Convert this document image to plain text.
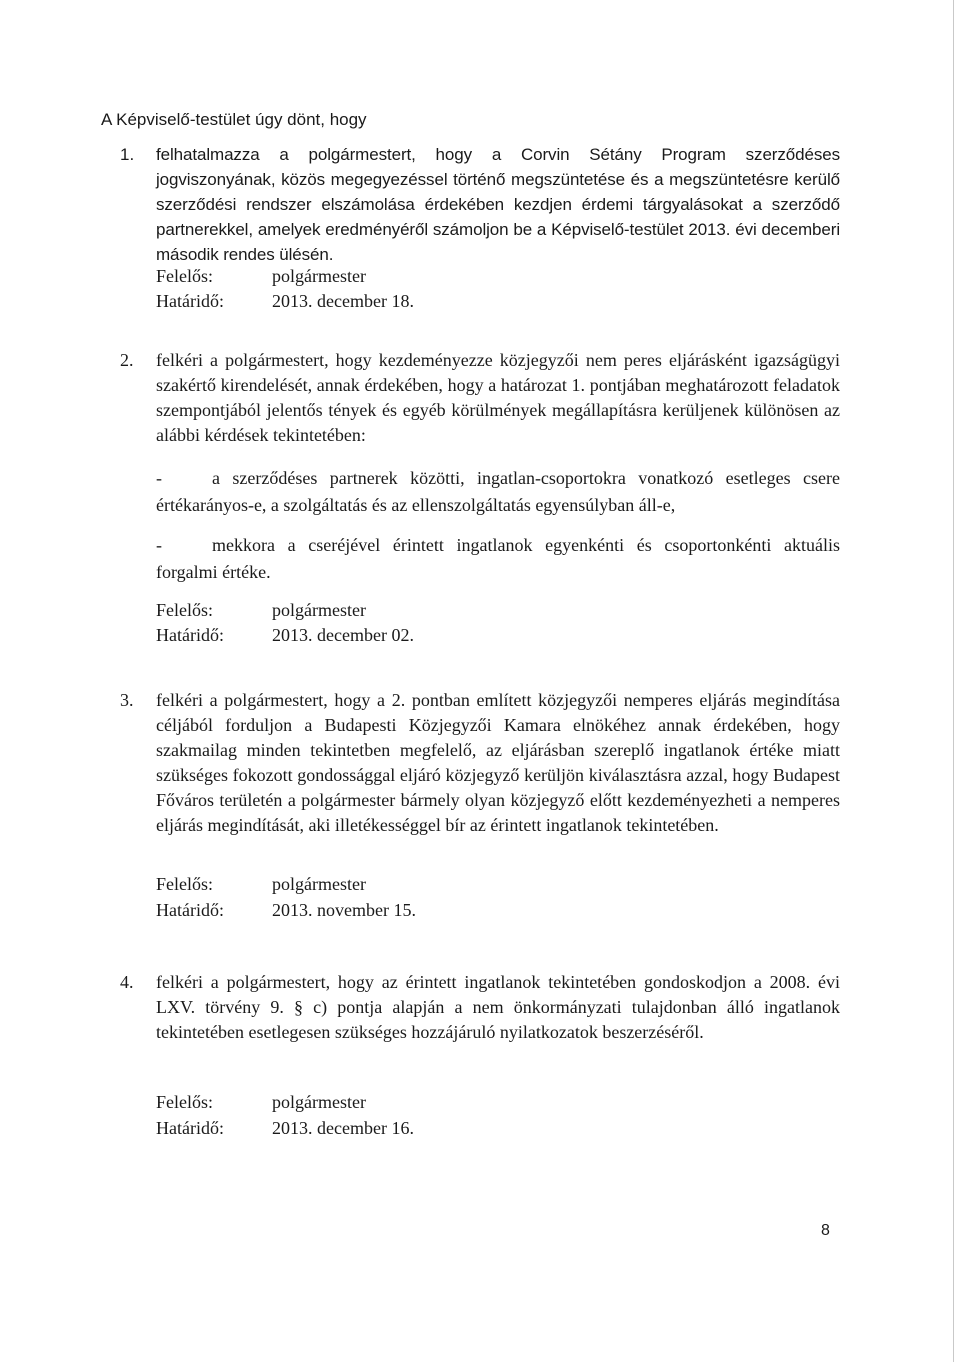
A Képviselő-testület úgy dönt, hogy
1. felhatalmazza a polgármestert, hogy a Corvin Sétány Program szerződéses jogviszonyának, közös megegyezéssel történő megszüntetése és a megszüntetésre kerülő szerződési rendszer elszámolása érdekében kezdjen érdemi tárgyalásokat a szerződő partnerekkel, amelyek eredményéről számoljon be a Képviselő-testület 2013. évi decemberi második rendes ülésén.
Felelős:	polgármester
Határidő:	2013. december 18.
2. felkéri a polgármestert, hogy kezdeményezze közjegyzői nem peres eljárásként igazságügyi szakértő kirendelését, annak érdekében, hogy a határozat 1. pontjában meghatározott feladatok szempontjából jelentős tények és egyéb körülmények megállapításra kerüljenek különösen az alábbi kérdések tekintetében:
-	a szerződéses partnerek közötti, ingatlan-csoportokra vonatkozó esetleges csere értékarányos-e, a szolgáltatás és az ellenszolgáltatás egyensúlyban áll-e,
-	mekkora a cseréjével érintett ingatlanok egyenkénti és csoportonkénti aktuális forgalmi értéke.
Felelős:	polgármester
Határidő:	2013. december 02.
3. felkéri a polgármestert, hogy a 2. pontban említett közjegyzői nemperes eljárás megindítása céljából forduljon a Budapesti Közjegyzői Kamara elnökéhez annak érdekében, hogy szakmailag minden tekintetben megfelelő, az eljárásban szereplő ingatlanok értéke miatt szükséges fokozott gondossággal eljáró közjegyző kerüljön kiválasztásra azzal, hogy Budapest Főváros területén a polgármester bármely olyan közjegyző előtt kezdeményezheti a nemperes eljárás megindítását, aki illetékességgel bír az érintett ingatlanok tekintetében.
Felelős:	polgármester
Határidő:	2013. november 15.
4. felkéri a polgármestert, hogy az érintett ingatlanok tekintetében gondoskodjon a 2008. évi LXV. törvény 9. § c) pontja alapján a nem önkormányzati tulajdonban álló ingatlanok tekintetében esetlegesen szükséges hozzájáruló nyilatkozatok beszerzéséről.
Felelős:	polgármester
Határidő:	2013. december 16.
8
